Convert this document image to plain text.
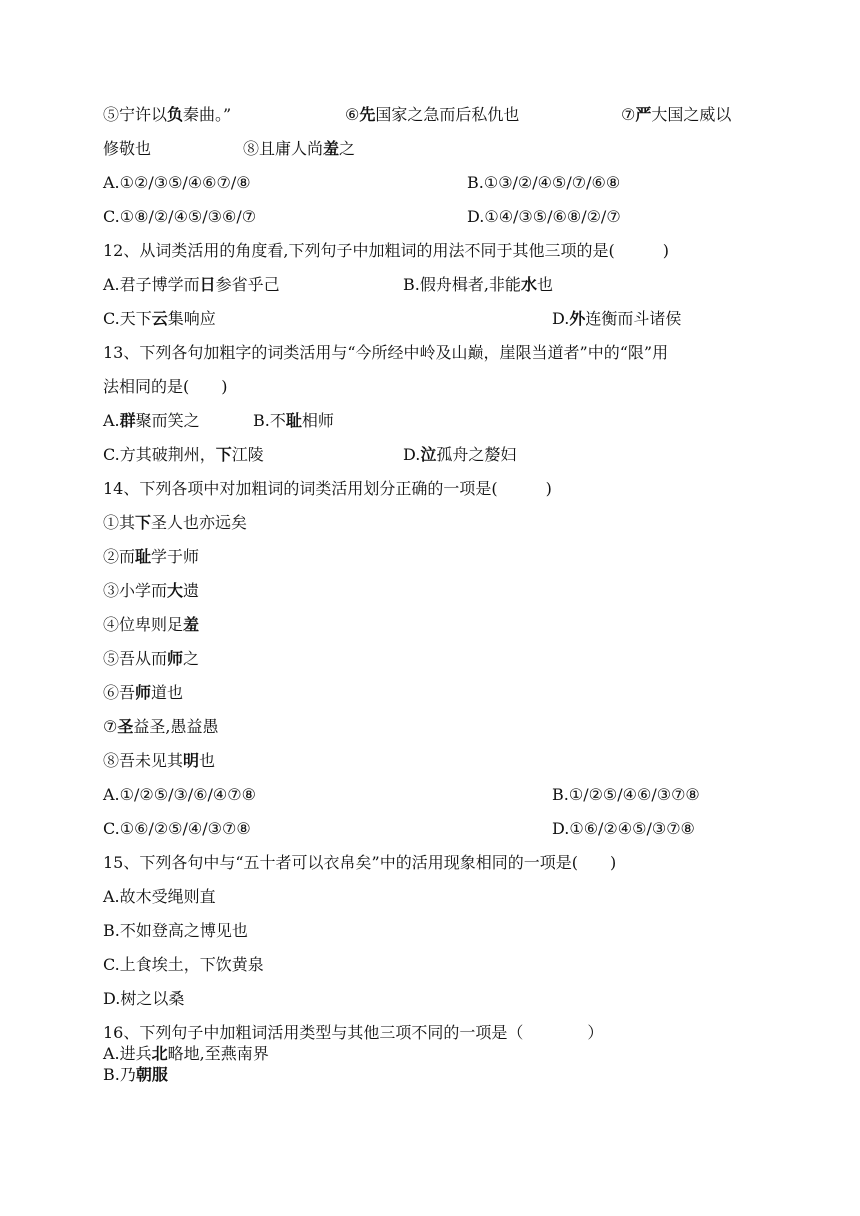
⑤宁许以负秦曲。”	⑥先国家之急而后私仇也	⑦严大国之威以
修敬也	⑧且庸人尚羞之
A.①②/③⑤/④⑥⑦/⑧	B.①③/②/④⑤/⑦/⑥⑧
C.①⑧/②/④⑤/③⑥/⑦	D.①④/③⑤/⑥⑧/②/⑦
12、从词类活用的角度看,下列句子中加粗词的用法不同于其他三项的是(　　　)
A.君子博学而日参省乎己	B.假舟楫者,非能水也
C.天下云集响应	D.外连衡而斗诸侯
13、下列各句加粗字的词类活用与“今所经中岭及山巅，崖限当道者”中的“限”用
法相同的是(　　)
A.群聚而笑之	B.不耻相师
C.方其破荆州，下江陵	D.泣孤舟之嫠妇
14、下列各项中对加粗词的词类活用划分正确的一项是(　　　)
①其下圣人也亦远矣
②而耻学于师
③小学而大遗
④位卑则足羞
⑤吾从而师之
⑥吾师道也
⑦圣益圣,愚益愚
⑧吾未见其明也
A.①/②⑤/③/⑥/④⑦⑧	B.①/②⑤/④⑥/③⑦⑧
C.①⑥/②⑤/④/③⑦⑧	D.①⑥/②④⑤/③⑦⑧
15、下列各句中与“五十者可以衣帛矣”中的活用现象相同的一项是(　　)
A.故木受绳则直
B.不如登高之博见也
C.上食埃土，下饮黄泉
D.树之以桑
16、下列句子中加粗词活用类型与其他三项不同的一项是（　　　　）
A.进兵北略地,至燕南界
B.乃朝服
